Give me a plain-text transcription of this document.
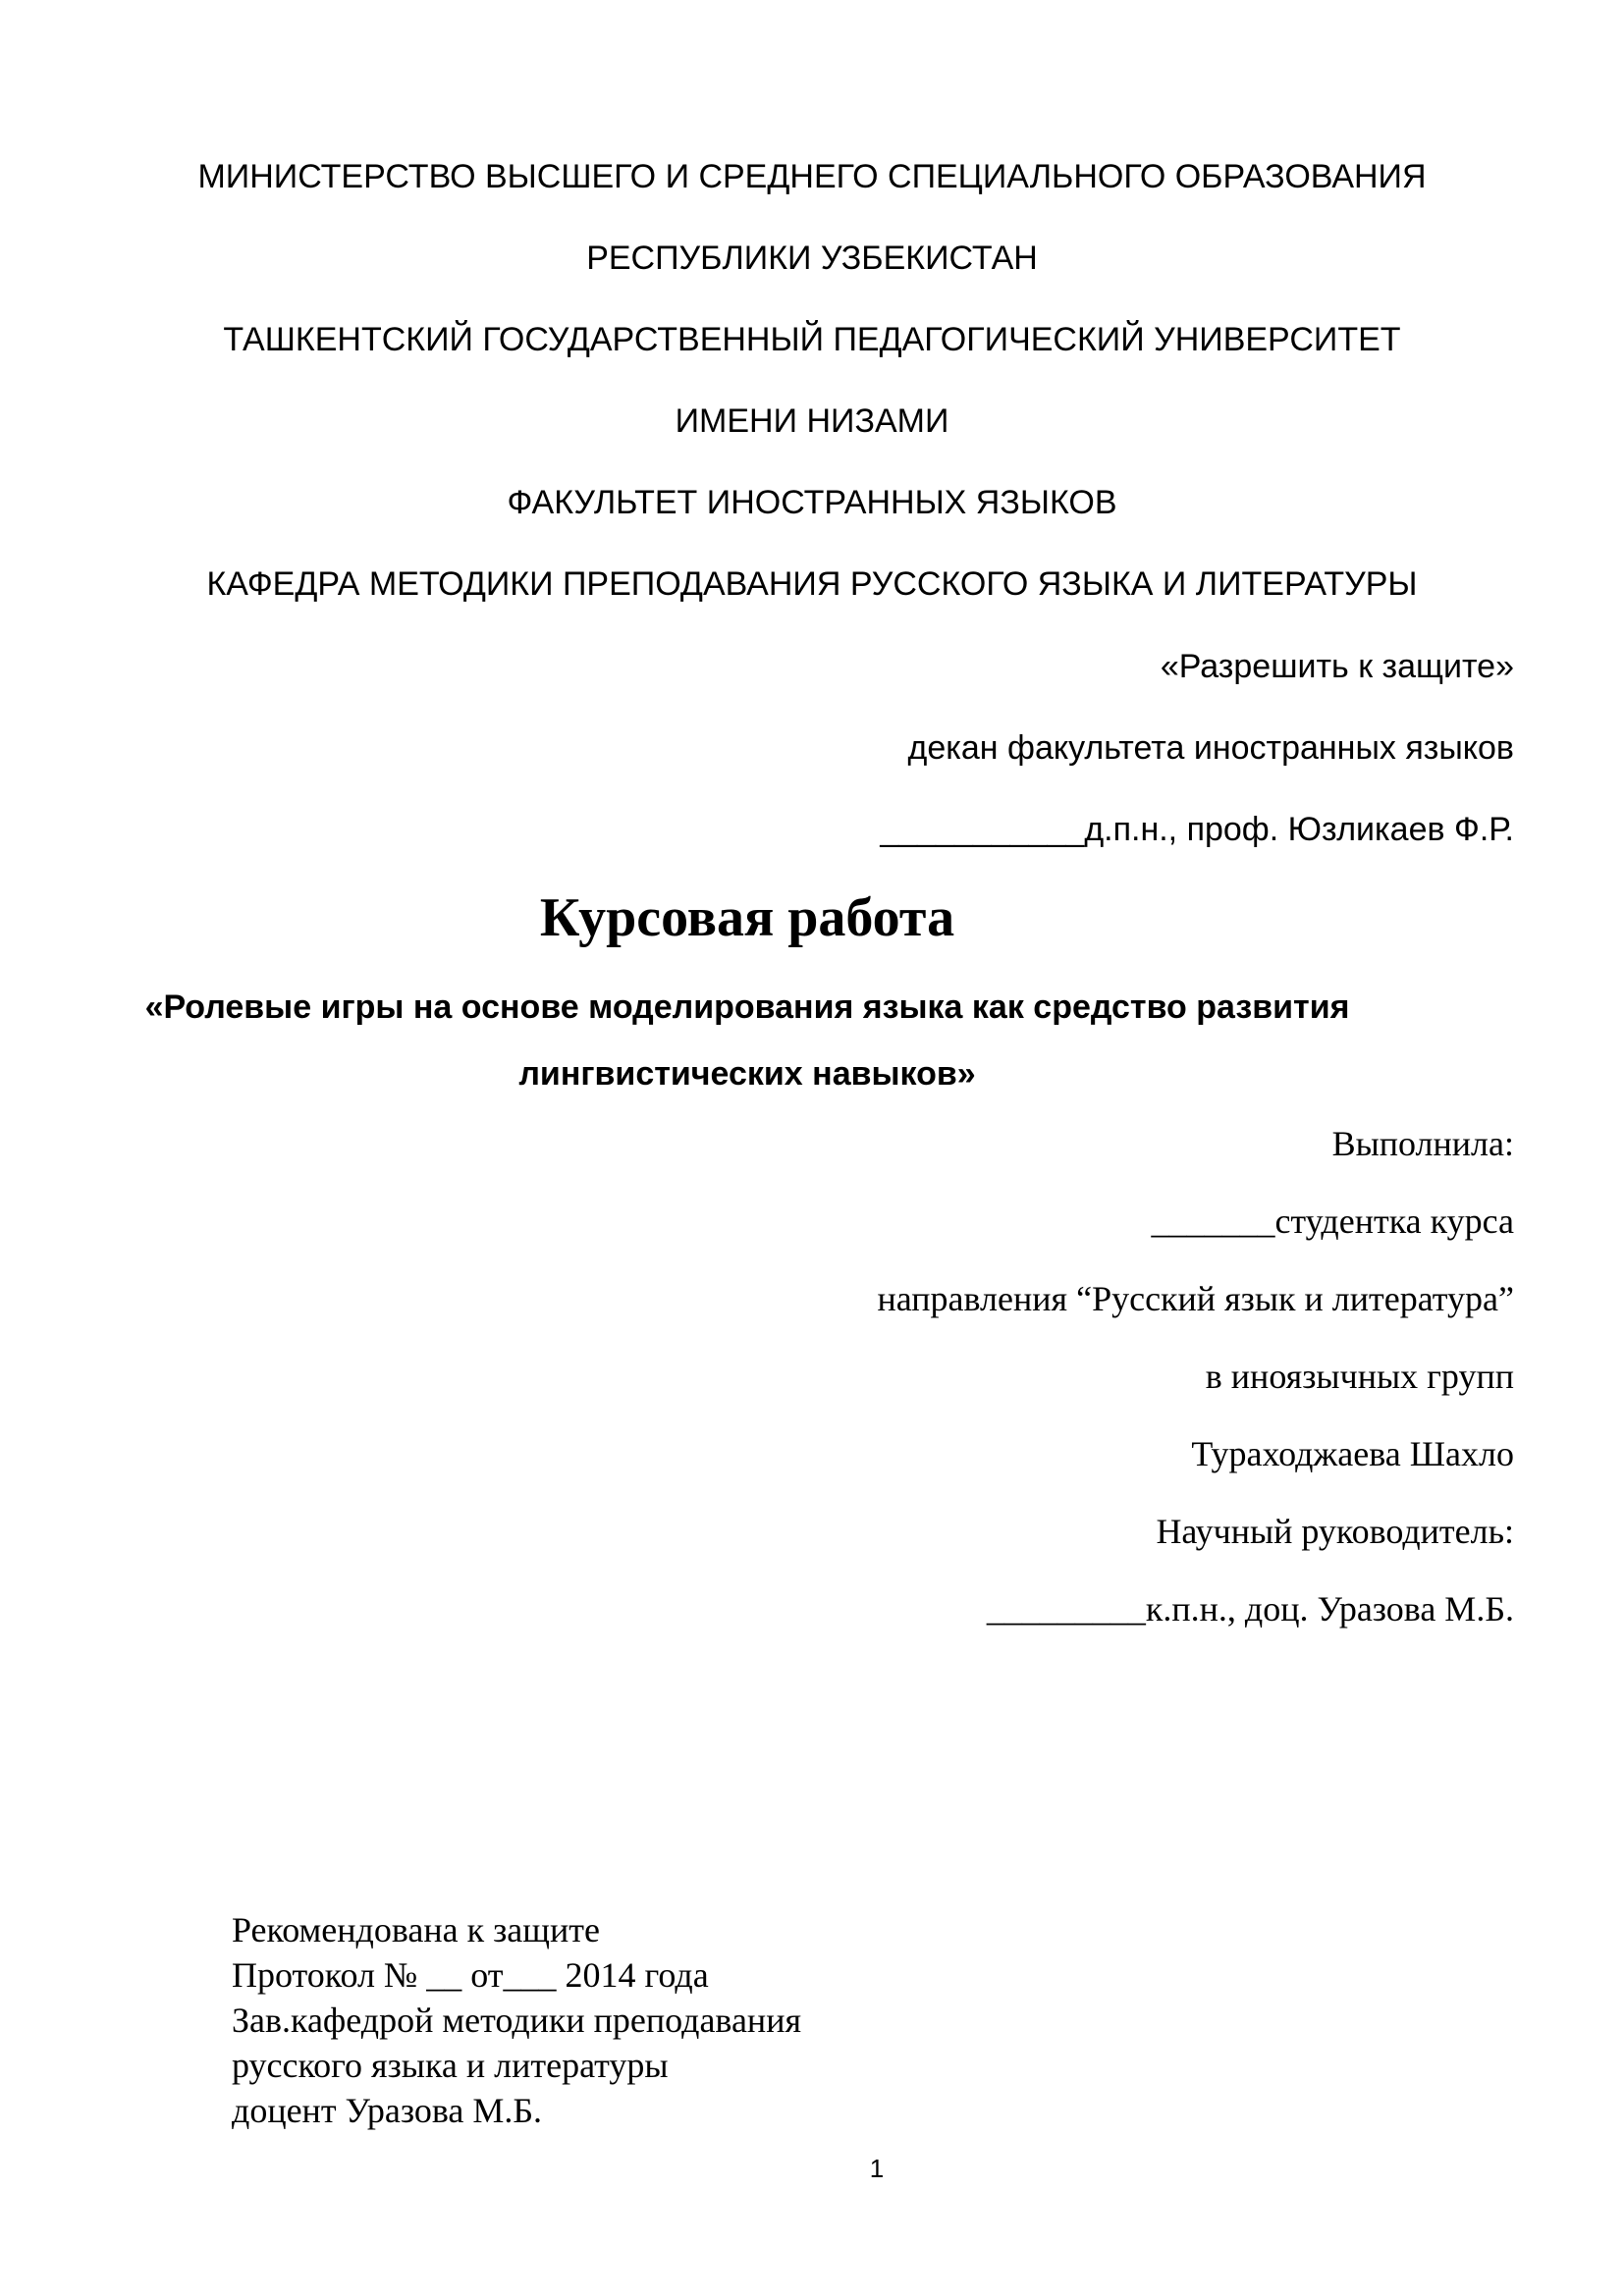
МИНИСТЕРСТВО ВЫСШЕГО И СРЕДНЕГО СПЕЦИАЛЬНОГО ОБРАЗОВАНИЯ
РЕСПУБЛИКИ УЗБЕКИСТАН
ТАШКЕНТСКИЙ ГОСУДАРСТВЕННЫЙ ПЕДАГОГИЧЕСКИЙ УНИВЕРСИТЕТ
ИМЕНИ НИЗАМИ
ФАКУЛЬТЕТ ИНОСТРАННЫХ ЯЗЫКОВ
КАФЕДРА МЕТОДИКИ ПРЕПОДАВАНИЯ РУССКОГО ЯЗЫКА И ЛИТЕРАТУРЫ
«Разрешить к защите»
декан факультета иностранных языков
___________д.п.н., проф. Юзликаев Ф.Р.
Курсовая работа
«Ролевые игры на основе моделирования языка как средство развития
лингвистических навыков»
Выполнила:
_______студентка курса
направления “Русский язык и литература”
в иноязычных групп
Тураходжаева Шахло
Научный руководитель:
_________к.п.н., доц. Уразова М.Б.
Рекомендована к защите
Протокол № __ от___ 2014 года
Зав.кафедрой методики преподавания
русского языка и литературы
доцент Уразова М.Б.
1
